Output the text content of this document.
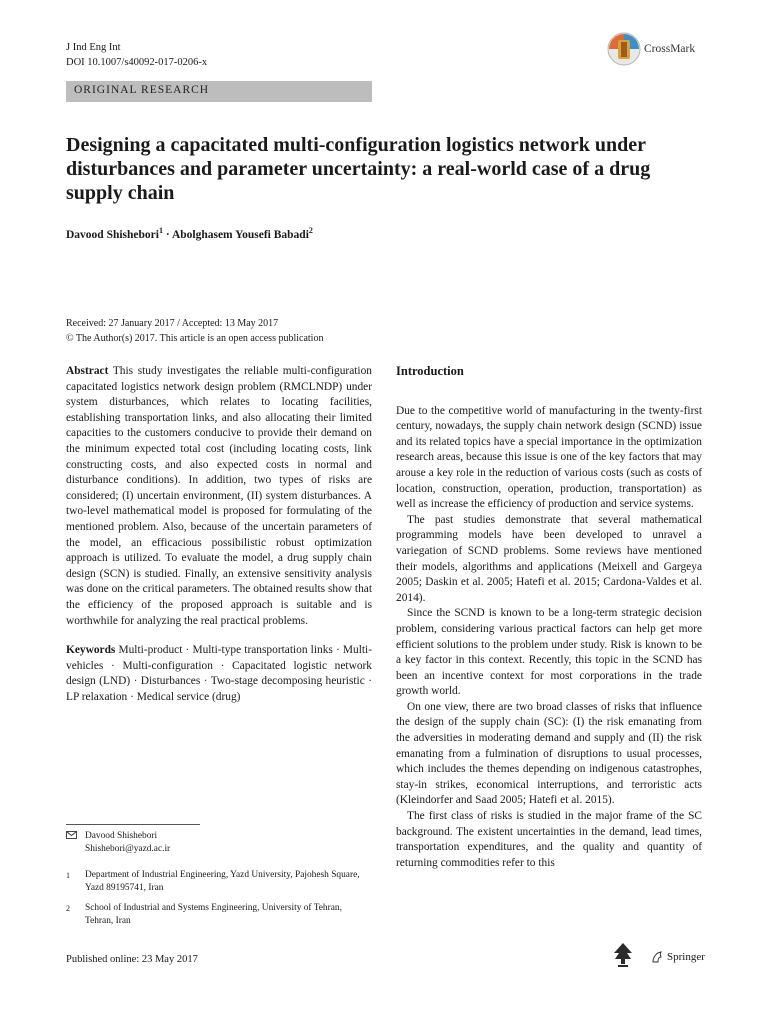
J Ind Eng Int
DOI 10.1007/s40092-017-0206-x
CrossMark
ORIGINAL RESEARCH
Designing a capacitated multi-configuration logistics network under disturbances and parameter uncertainty: a real-world case of a drug supply chain
Davood Shishebori$^1$ · Abolghasem Yousefi Babadi$^2$
Received: 27 January 2017 / Accepted: 13 May 2017
© The Author(s) 2017. This article is an open access publication

Abstract This study investigates the reliable multi-configuration capacitated logistics network design problem (RMCLNDP) under system disturbances, which relates to locating facilities, establishing transportation links, and also allocating their limited capacities to the customers conducive to provide their demand on the minimum expected total cost (including locating costs, link constructing costs, and also expected costs in normal and disturbance conditions). In addition, two types of risks are considered; (I) uncertain environment, (II) system disturbances. A two-level mathematical model is proposed for formulating of the mentioned problem. Also, because of the uncertain parameters of the model, an efficacious possibilistic robust optimization approach is utilized. To evaluate the model, a drug supply chain design (SCN) is studied. Finally, an extensive sensitivity analysis was done on the critical parameters. The obtained results show that the efficiency of the proposed approach is suitable and is worthwhile for analyzing the real practical problems.

Keywords Multi-product · Multi-type transportation links · Multi-vehicles · Multi-configuration · Capacitated logistic network design (LND) · Disturbances · Two-stage decomposing heuristic · LP relaxation · Medical service (drug)

Davood Shishebori
Shishebori@yazd.ac.ir
1	Department of Industrial Engineering, Yazd University, Pajohesh Square, Yazd 89195741, Iran
2	School of Industrial and Systems Engineering, University of Tehran, Tehran, Iran

Introduction

Due to the competitive world of manufacturing in the twenty-first century, nowadays, the supply chain network design (SCND) issue and its related topics have a special importance in the optimization research areas, because this issue is one of the key factors that may arouse a key role in the reduction of various costs (such as costs of location, construction, operation, production, transportation) as well as increase the efficiency of production and service systems.

The past studies demonstrate that several mathematical programming models have been developed to unravel a variegation of SCND problems. Some reviews have mentioned their models, algorithms and applications (Meixell and Gargeya 2005; Daskin et al. 2005; Hatefi et al. 2015; Cardona-Valdes et al. 2014).

Since the SCND is known to be a long-term strategic decision problem, considering various practical factors can help get more efficient solutions to the problem under study. Risk is known to be a key factor in this context. Recently, this topic in the SCND has been an incentive context for most corporations in the trade growth world.

On one view, there are two broad classes of risks that influence the design of the supply chain (SC): (I) the risk emanating from the adversities in moderating demand and supply and (II) the risk emanating from a fulmination of disruptions to usual processes, which includes the themes depending on indigenous catastrophes, stay-in strikes, economical interruptions, and terroristic acts (Kleindorfer and Saad 2005; Hatefi et al. 2015).

The first class of risks is studied in the major frame of the SC background. The existent uncertainties in the demand, lead times, transportation expenditures, and the quality and quantity of returning commodities refer to this

Published online: 23 May 2017	Springer
